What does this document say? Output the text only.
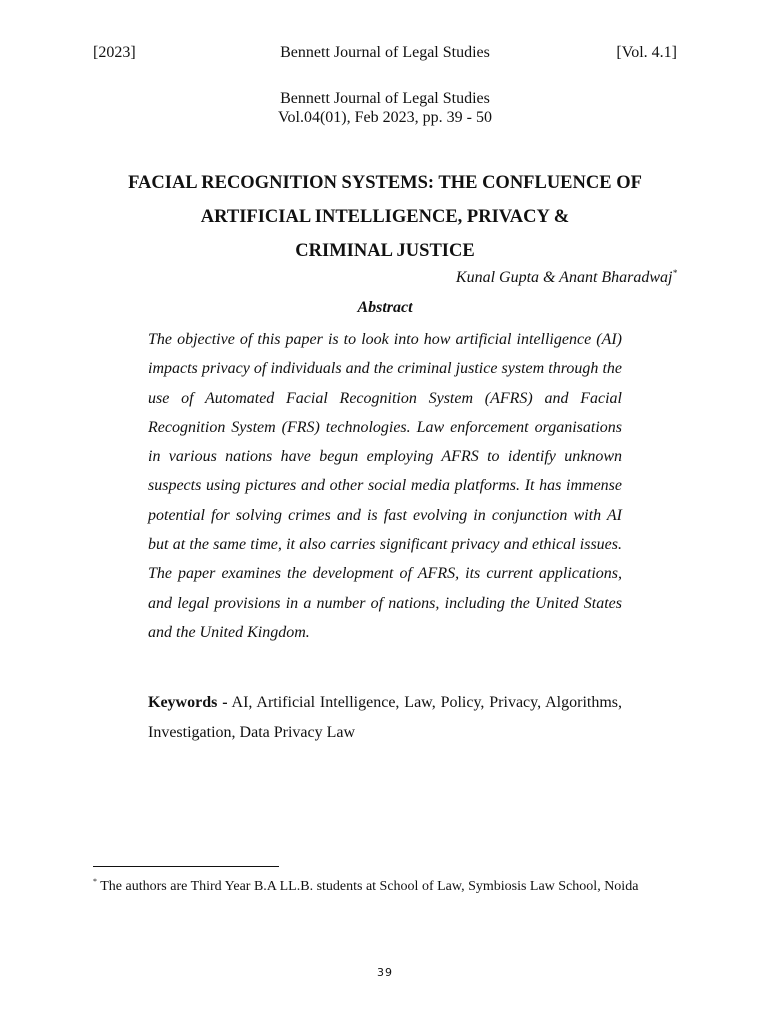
[2023]	Bennett Journal of Legal Studies	[Vol. 4.1]
Bennett Journal of Legal Studies
Vol.04(01), Feb 2023, pp. 39 - 50
FACIAL RECOGNITION SYSTEMS: THE CONFLUENCE OF
ARTIFICIAL INTELLIGENCE, PRIVACY &
CRIMINAL JUSTICE
Kunal Gupta & Anant Bharadwaj*
Abstract
The objective of this paper is to look into how artificial intelligence (AI) impacts privacy of individuals and the criminal justice system through the use of Automated Facial Recognition System (AFRS) and Facial Recognition System (FRS) technologies. Law enforcement organisations in various nations have begun employing AFRS to identify unknown suspects using pictures and other social media platforms. It has immense potential for solving crimes and is fast evolving in conjunction with AI but at the same time, it also carries significant privacy and ethical issues. The paper examines the development of AFRS, its current applications, and legal provisions in a number of nations, including the United States and the United Kingdom.
Keywords - AI, Artificial Intelligence, Law, Policy, Privacy, Algorithms, Investigation, Data Privacy Law
* The authors are Third Year B.A LL.B. students at School of Law, Symbiosis Law School, Noida
39
